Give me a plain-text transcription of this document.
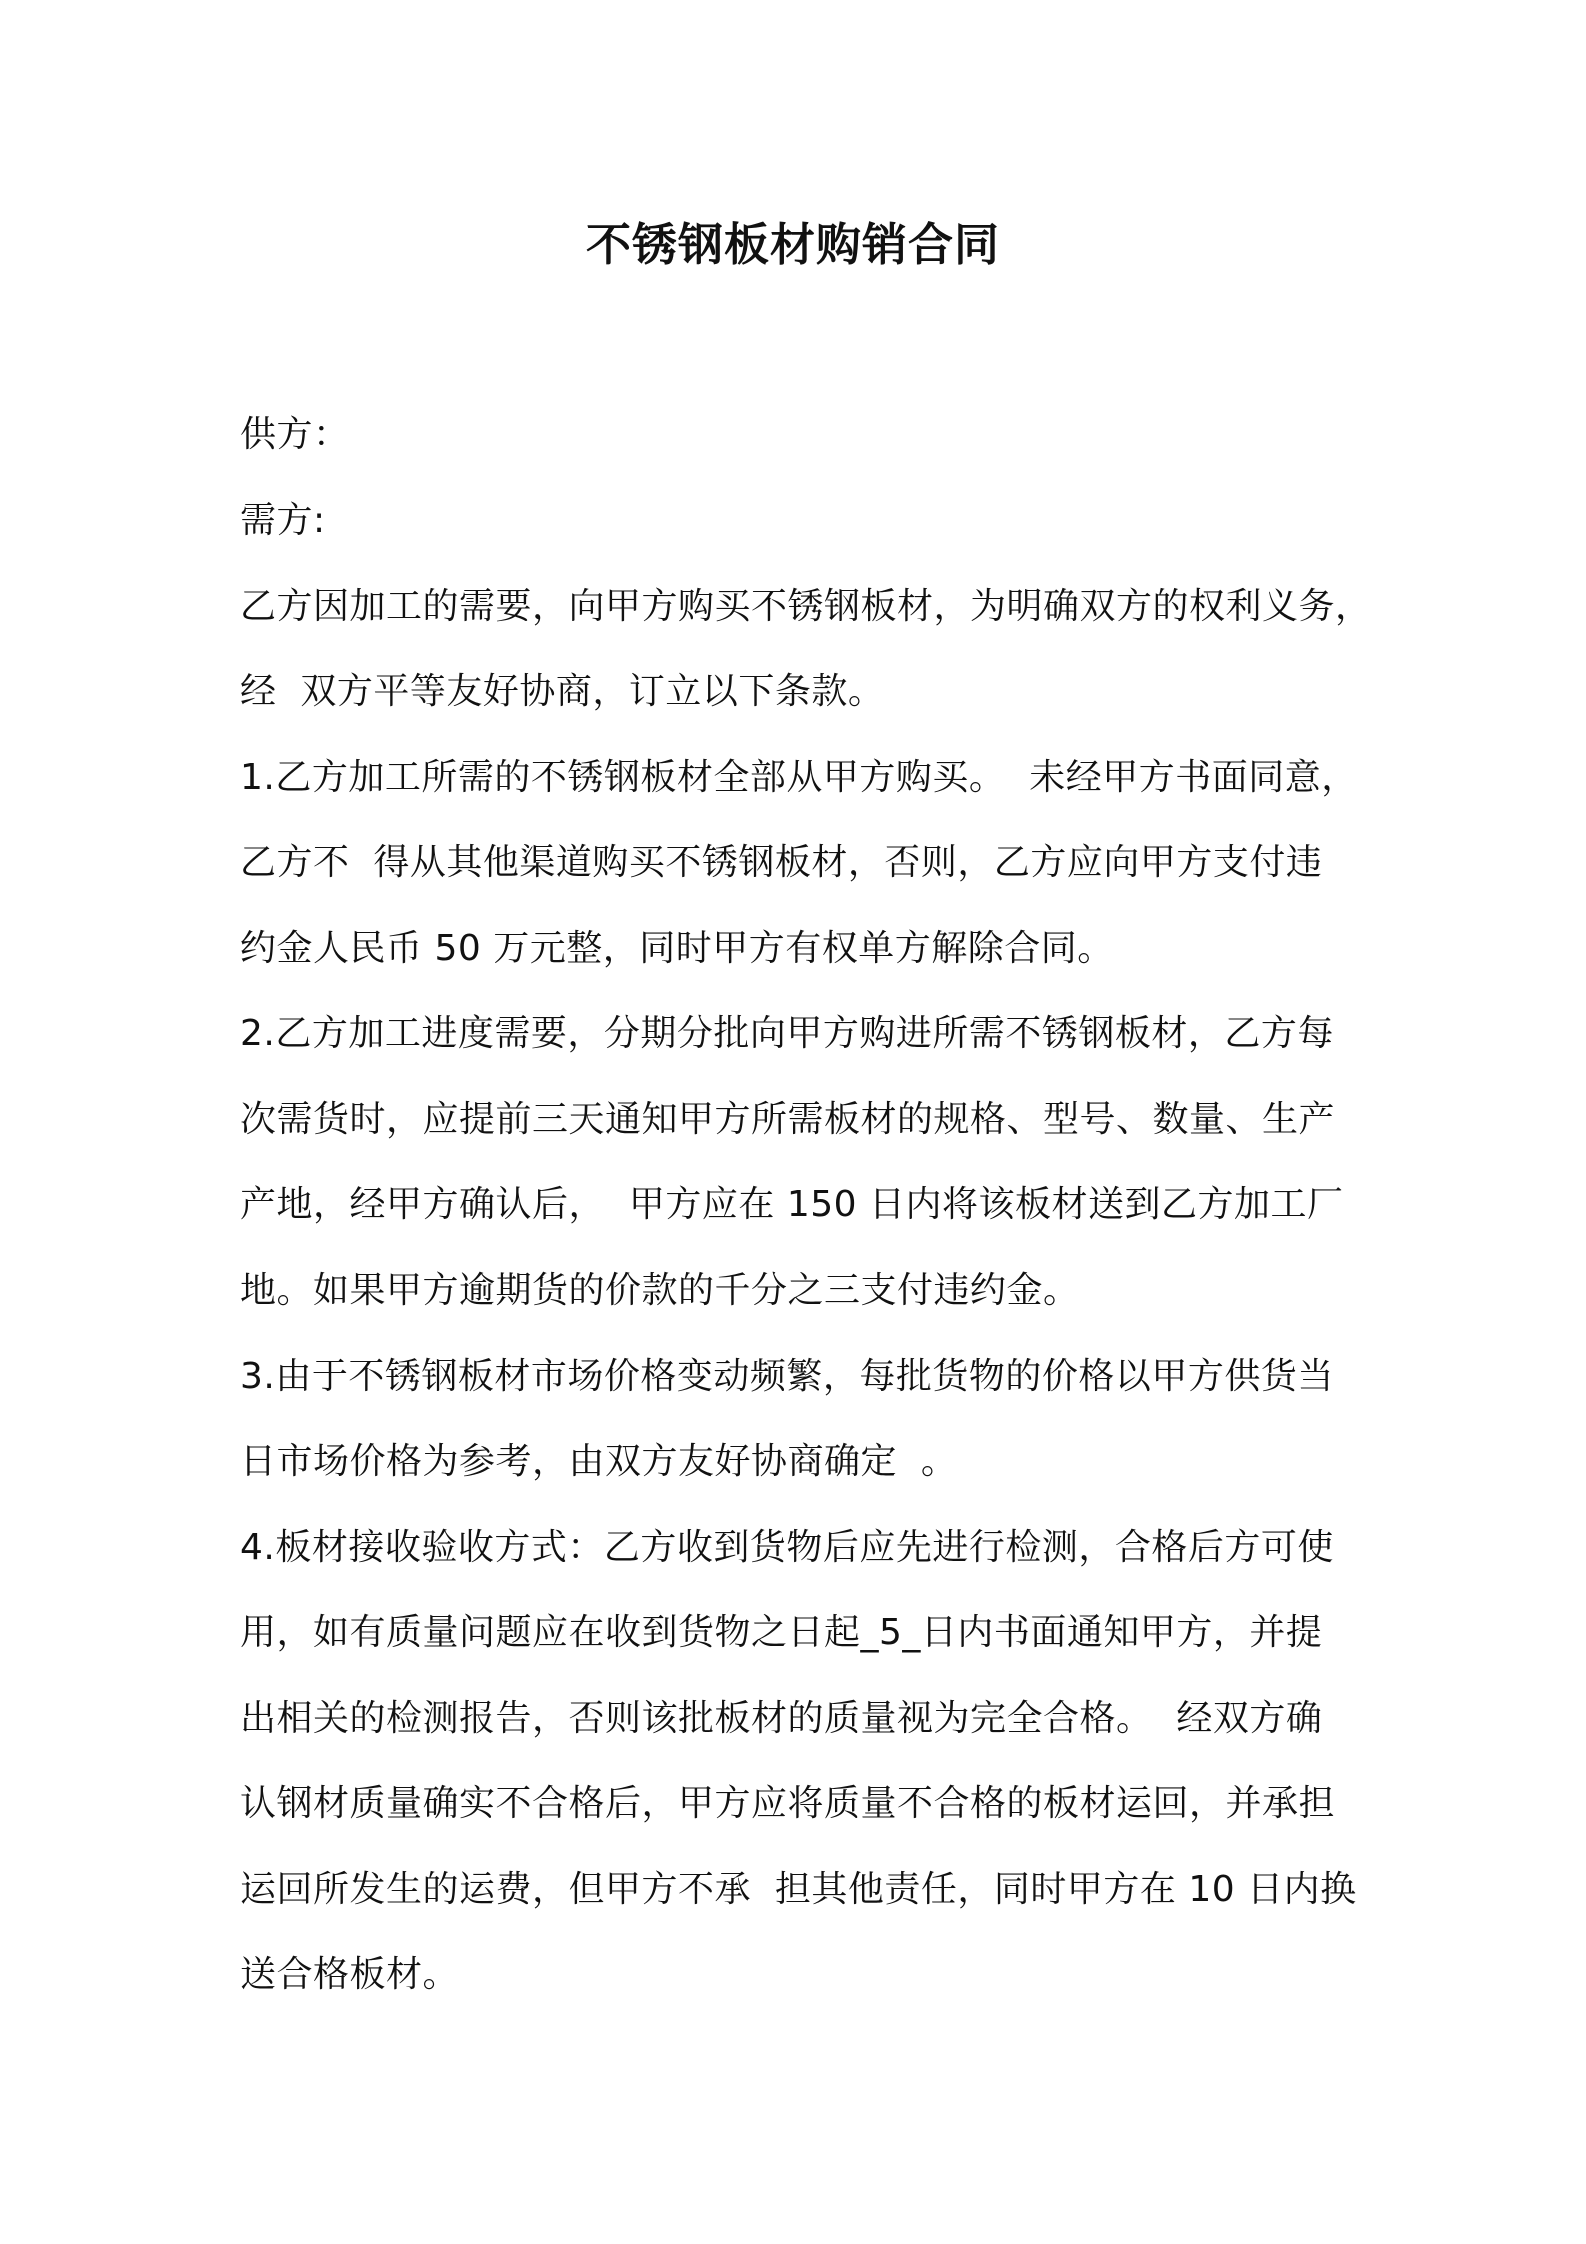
不锈钢板材购销合同
供方：
需方:
乙方因加工的需要，向甲方购买不锈钢板材，为明确双方的权利义务，
经  双方平等友好协商，订立以下条款。
1.乙方加工所需的不锈钢板材全部从甲方购买。  未经甲方书面同意，
乙方不  得从其他渠道购买不锈钢板材，否则，乙方应向甲方支付违
约金人民币 50 万元整，同时甲方有权单方解除合同。
2.乙方加工进度需要，分期分批向甲方购进所需不锈钢板材，乙方每
次需货时，应提前三天通知甲方所需板材的规格、型号、数量、生产
产地，经甲方确认后，  甲方应在 150 日内将该板材送到乙方加工厂
地。如果甲方逾期货的价款的千分之三支付违约金。
3.由于不锈钢板材市场价格变动频繁，每批货物的价格以甲方供货当
日市场价格为参考，由双方友好协商确定  。
4.板材接收验收方式：乙方收到货物后应先进行检测，合格后方可使
用，如有质量问题应在收到货物之日起_5_日内书面通知甲方，并提
出相关的检测报告，否则该批板材的质量视为完全合格。  经双方确
认钢材质量确实不合格后，甲方应将质量不合格的板材运回，并承担
运回所发生的运费，但甲方不承  担其他责任，同时甲方在 10 日内换
送合格板材。
